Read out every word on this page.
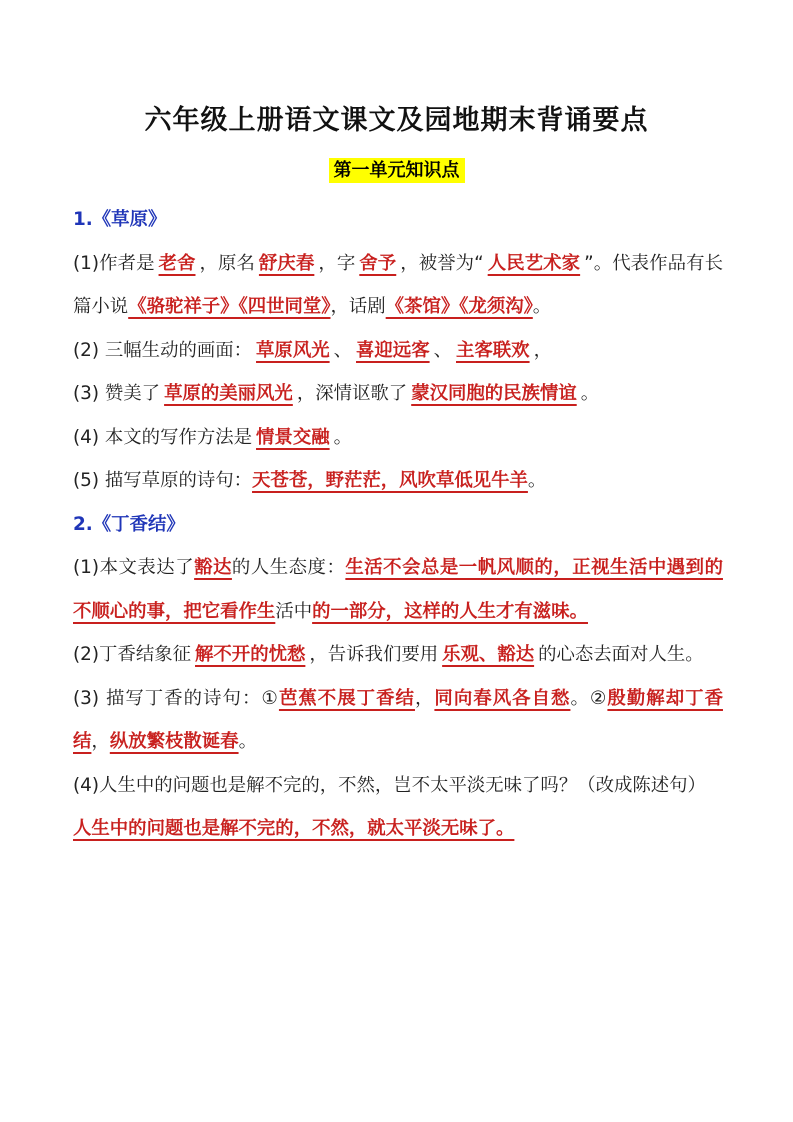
六年级上册语文课文及园地期末背诵要点
第一单元知识点

1.《草原》

(1)作者是 老舍 ，原名 舒庆春 ，字 舍予 ，被誉为“ 人民艺术家 ”。代表作品有长篇小说《骆驼祥子》《四世同堂》，话剧《茶馆》《龙须沟》。

(2) 三幅生动的画面： 草原风光 、 喜迎远客 、 主客联欢 ，

(3) 赞美了 草原的美丽风光 ，深情讴歌了 蒙汉同胞的民族情谊 。

(4) 本文的写作方法是 情景交融 。

(5) 描写草原的诗句：天苍苍，野茫茫，风吹草低见牛羊。

2.《丁香结》

(1)本文表达了豁达的人生态度：生活不会总是一帆风顺的，正视生活中遇到的不顺心的事，把它看作生活中的一部分，这样的人生才有滋味。

(2)丁香结象征 解不开的忧愁 ，告诉我们要用 乐观、豁达 的心态去面对人生。

(3) 描写丁香的诗句：①芭蕉不展丁香结，同向春风各自愁。②殷勤解却丁香结，纵放繁枝散诞春。

(4)人生中的问题也是解不完的，不然，岂不太平淡无味了吗？（改成陈述句）

人生中的问题也是解不完的，不然，就太平淡无味了。
